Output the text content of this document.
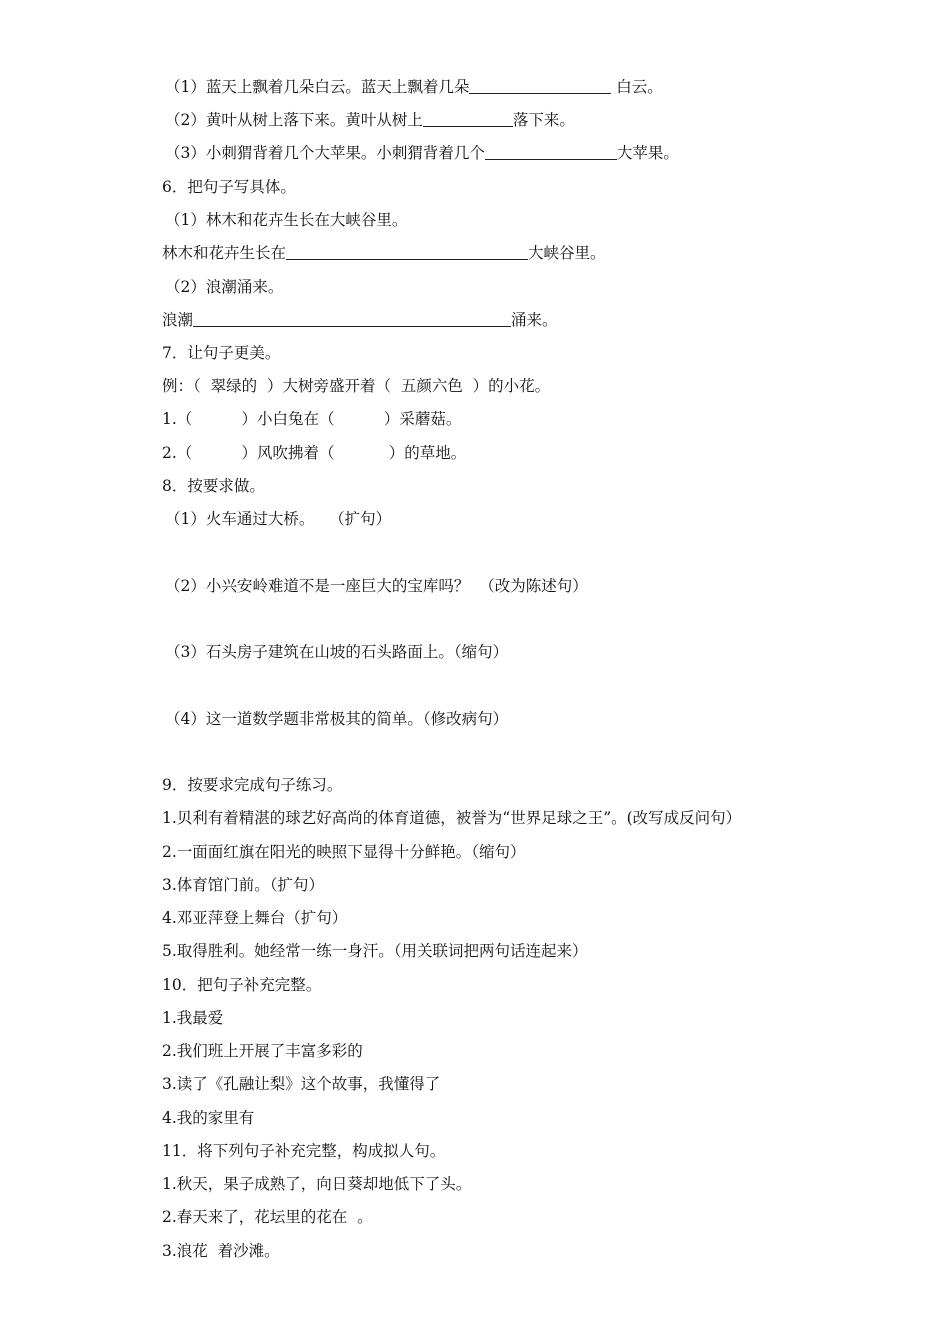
（1）蓝天上飘着几朵白云。蓝天上飘着几朵	白云。
（2）黄叶从树上落下来。黄叶从树上	落下来。
（3）小刺猬背着几个大苹果。小刺猬背着几个	大苹果。
6．把句子写具体。
（1）林木和花卉生长在大峡谷里。
林木和花卉生长在	大峡谷里。
（2）浪潮涌来。
浪潮	涌来。
7．让句子更美。
例：（  翠绿的  ）大树旁盛开着（  五颜六色  ）的小花。
1.（          ）小白兔在（          ）采蘑菇。
2.（          ）风吹拂着（           ）的草地。
8．按要求做。
（1）火车通过大桥。   （扩句）
（2）小兴安岭难道不是一座巨大的宝库吗？  （改为陈述句）
（3）石头房子建筑在山坡的石头路面上。（缩句）
（4）这一道数学题非常极其的简单。（修改病句）
9．按要求完成句子练习。
1.贝利有着精湛的球艺好高尚的体育道德，被誉为“世界足球之王”。(改写成反问句）
2.一面面红旗在阳光的映照下显得十分鲜艳。（缩句）
3.体育馆门前。（扩句）
4.邓亚萍登上舞台（扩句）
5.取得胜利。她经常一练一身汗。（用关联词把两句话连起来）
10．把句子补充完整。
1.我最爱
2.我们班上开展了丰富多彩的
3.读了《孔融让梨》这个故事，我懂得了
4.我的家里有
11．将下列句子补充完整，构成拟人句。
1.秋天，果子成熟了，向日葵却地低下了头。
2.春天来了，花坛里的花在  。
3.浪花  着沙滩。
